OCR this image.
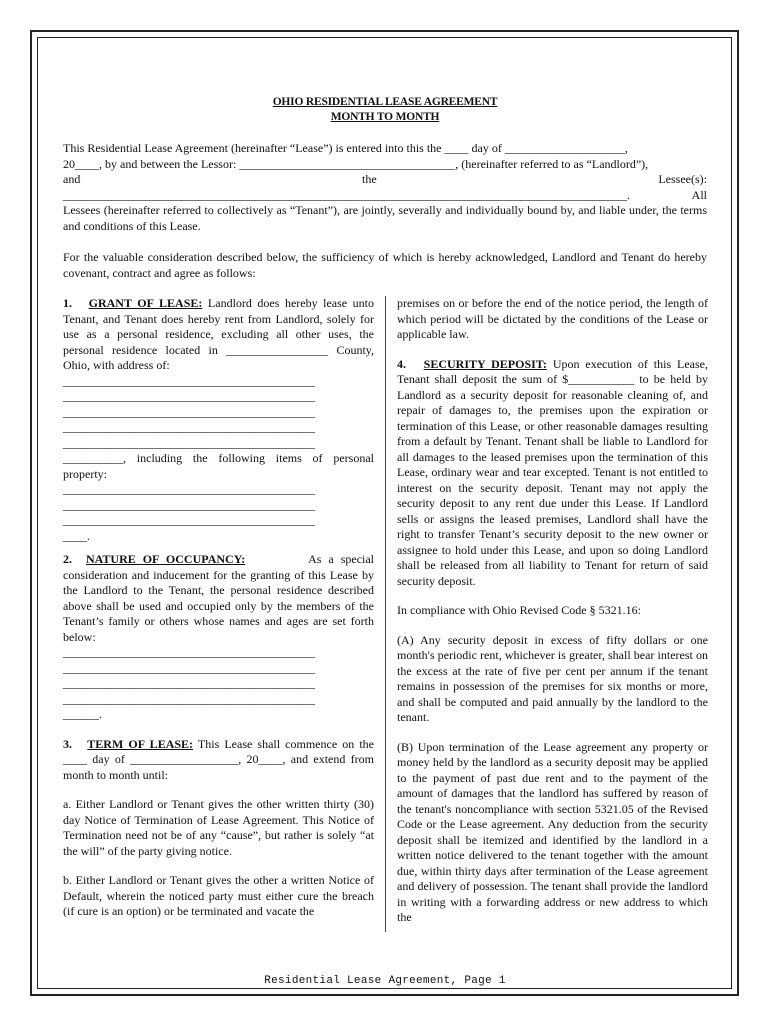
OHIO RESIDENTIAL LEASE AGREEMENT
MONTH TO MONTH
This Residential Lease Agreement (hereinafter “Lease”) is entered into this the ____ day of ____________________,
20____, by and between the Lessor: ____________________________________, (hereinafter referred to as “Landlord”),
and	the	Lessee(s):
______________________________________________________________________________________________.	All

Lessees (hereinafter referred to collectively as “Tenant”), are jointly, severally and individually bound by, and liable under, the terms and conditions of this Lease.

For the valuable consideration described below, the sufficiency of which is hereby acknowledged, Landlord and Tenant do hereby covenant, contract and agree as follows:

1. GRANT OF LEASE: Landlord does hereby lease unto Tenant, and Tenant does hereby rent from Landlord, solely for use as a personal residence, excluding all other uses, the personal residence located in _________________ County, Ohio, with address of:

__________________________________________
__________________________________________
__________________________________________
__________________________________________
__________________________________________

__________, including the following items of personal property:

__________________________________________
__________________________________________
__________________________________________
____.

2. NATURE OF OCCUPANCY:	As a special consideration and inducement for the granting of this Lease by the Landlord to the Tenant, the personal residence described above shall be used and occupied only by the members of the Tenant’s family or others whose names and ages are set forth below:

__________________________________________
__________________________________________
__________________________________________
__________________________________________
______.

3. TERM OF LEASE: This Lease shall commence on the ____ day of __________________, 20____, and extend from month to month until:

a. Either Landlord or Tenant gives the other written thirty (30) day Notice of Termination of Lease Agreement. This Notice of Termination need not be of any “cause”, but rather is solely “at the will” of the party giving notice.

b. Either Landlord or Tenant gives the other a written Notice of Default, wherein the noticed party must either cure the breach (if cure is an option) or be terminated and vacate the

premises on or before the end of the notice period, the length of which period will be dictated by the conditions of the Lease or applicable law.

4. SECURITY DEPOSIT: Upon execution of this Lease, Tenant shall deposit the sum of $___________ to be held by Landlord as a security deposit for reasonable cleaning of, and repair of damages to, the premises upon the expiration or termination of this Lease, or other reasonable damages resulting from a default by Tenant. Tenant shall be liable to Landlord for all damages to the leased premises upon the termination of this Lease, ordinary wear and tear excepted. Tenant is not entitled to interest on the security deposit. Tenant may not apply the security deposit to any rent due under this Lease. If Landlord sells or assigns the leased premises, Landlord shall have the right to transfer Tenant’s security deposit to the new owner or assignee to hold under this Lease, and upon so doing Landlord shall be released from all liability to Tenant for return of said security deposit.

In compliance with Ohio Revised Code § 5321.16:

(A) Any security deposit in excess of fifty dollars or one month's periodic rent, whichever is greater, shall bear interest on the excess at the rate of five per cent per annum if the tenant remains in possession of the premises for six months or more, and shall be computed and paid annually by the landlord to the tenant.

(B) Upon termination of the Lease agreement any property or money held by the landlord as a security deposit may be applied to the payment of past due rent and to the payment of the amount of damages that the landlord has suffered by reason of the tenant's noncompliance with section 5321.05 of the Revised Code or the Lease agreement. Any deduction from the security deposit shall be itemized and identified by the landlord in a written notice delivered to the tenant together with the amount due, within thirty days after termination of the Lease agreement and delivery of possession. The tenant shall provide the landlord in writing with a forwarding address or new address to which the

Residential Lease Agreement, Page 1
